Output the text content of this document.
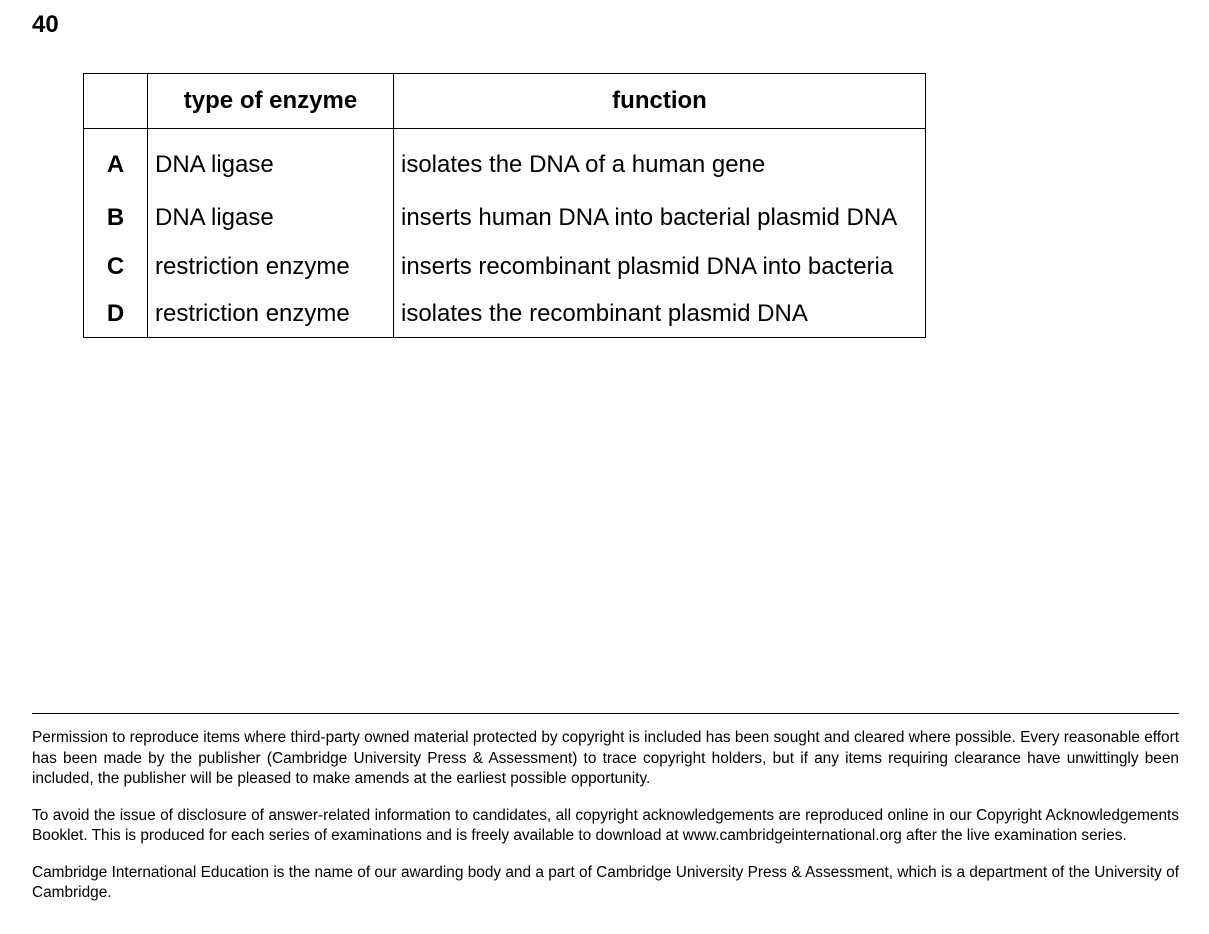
40
	type of enzyme	function
A	DNA ligase	isolates the DNA of a human gene
B	DNA ligase	inserts human DNA into bacterial plasmid DNA
C	restriction enzyme	inserts recombinant plasmid DNA into bacteria
D	restriction enzyme	isolates the recombinant plasmid DNA

Permission to reproduce items where third-party owned material protected by copyright is included has been sought and cleared where possible. Every reasonable effort has been made by the publisher (Cambridge University Press & Assessment) to trace copyright holders, but if any items requiring clearance have unwittingly been included, the publisher will be pleased to make amends at the earliest possible opportunity.

To avoid the issue of disclosure of answer-related information to candidates, all copyright acknowledgements are reproduced online in our Copyright Acknowledgements Booklet. This is produced for each series of examinations and is freely available to download at www.cambridgeinternational.org after the live examination series.

Cambridge International Education is the name of our awarding body and a part of Cambridge University Press & Assessment, which is a department of the University of Cambridge.
